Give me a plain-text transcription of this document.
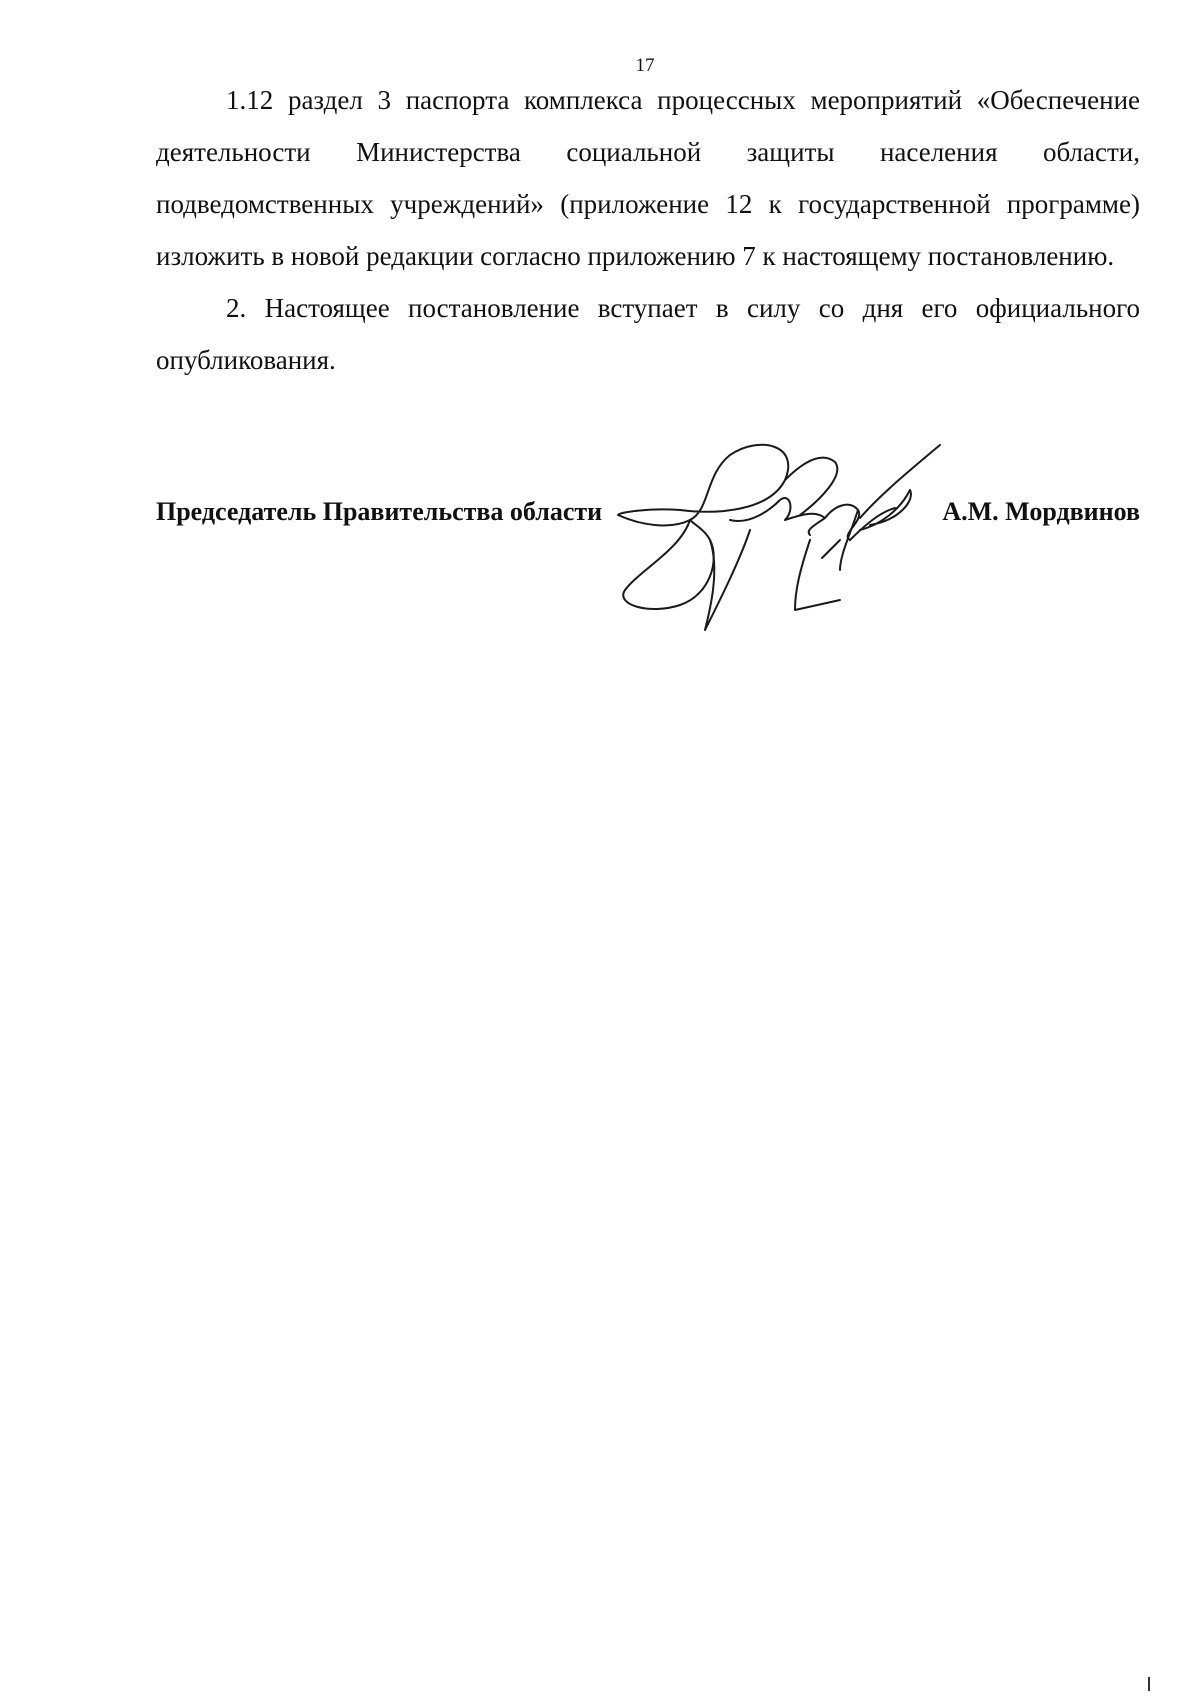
17

1.12 раздел 3 паспорта комплекса процессных мероприятий «Обеспечение деятельности Министерства социальной защиты населения области, подведомственных учреждений» (приложение 12 к государственной программе) изложить в новой редакции согласно приложению 7 к настоящему постановлению.

2. Настоящее постановление вступает в силу со дня его официального опубликования.

Председатель Правительства области	А.М. Мордвинов
